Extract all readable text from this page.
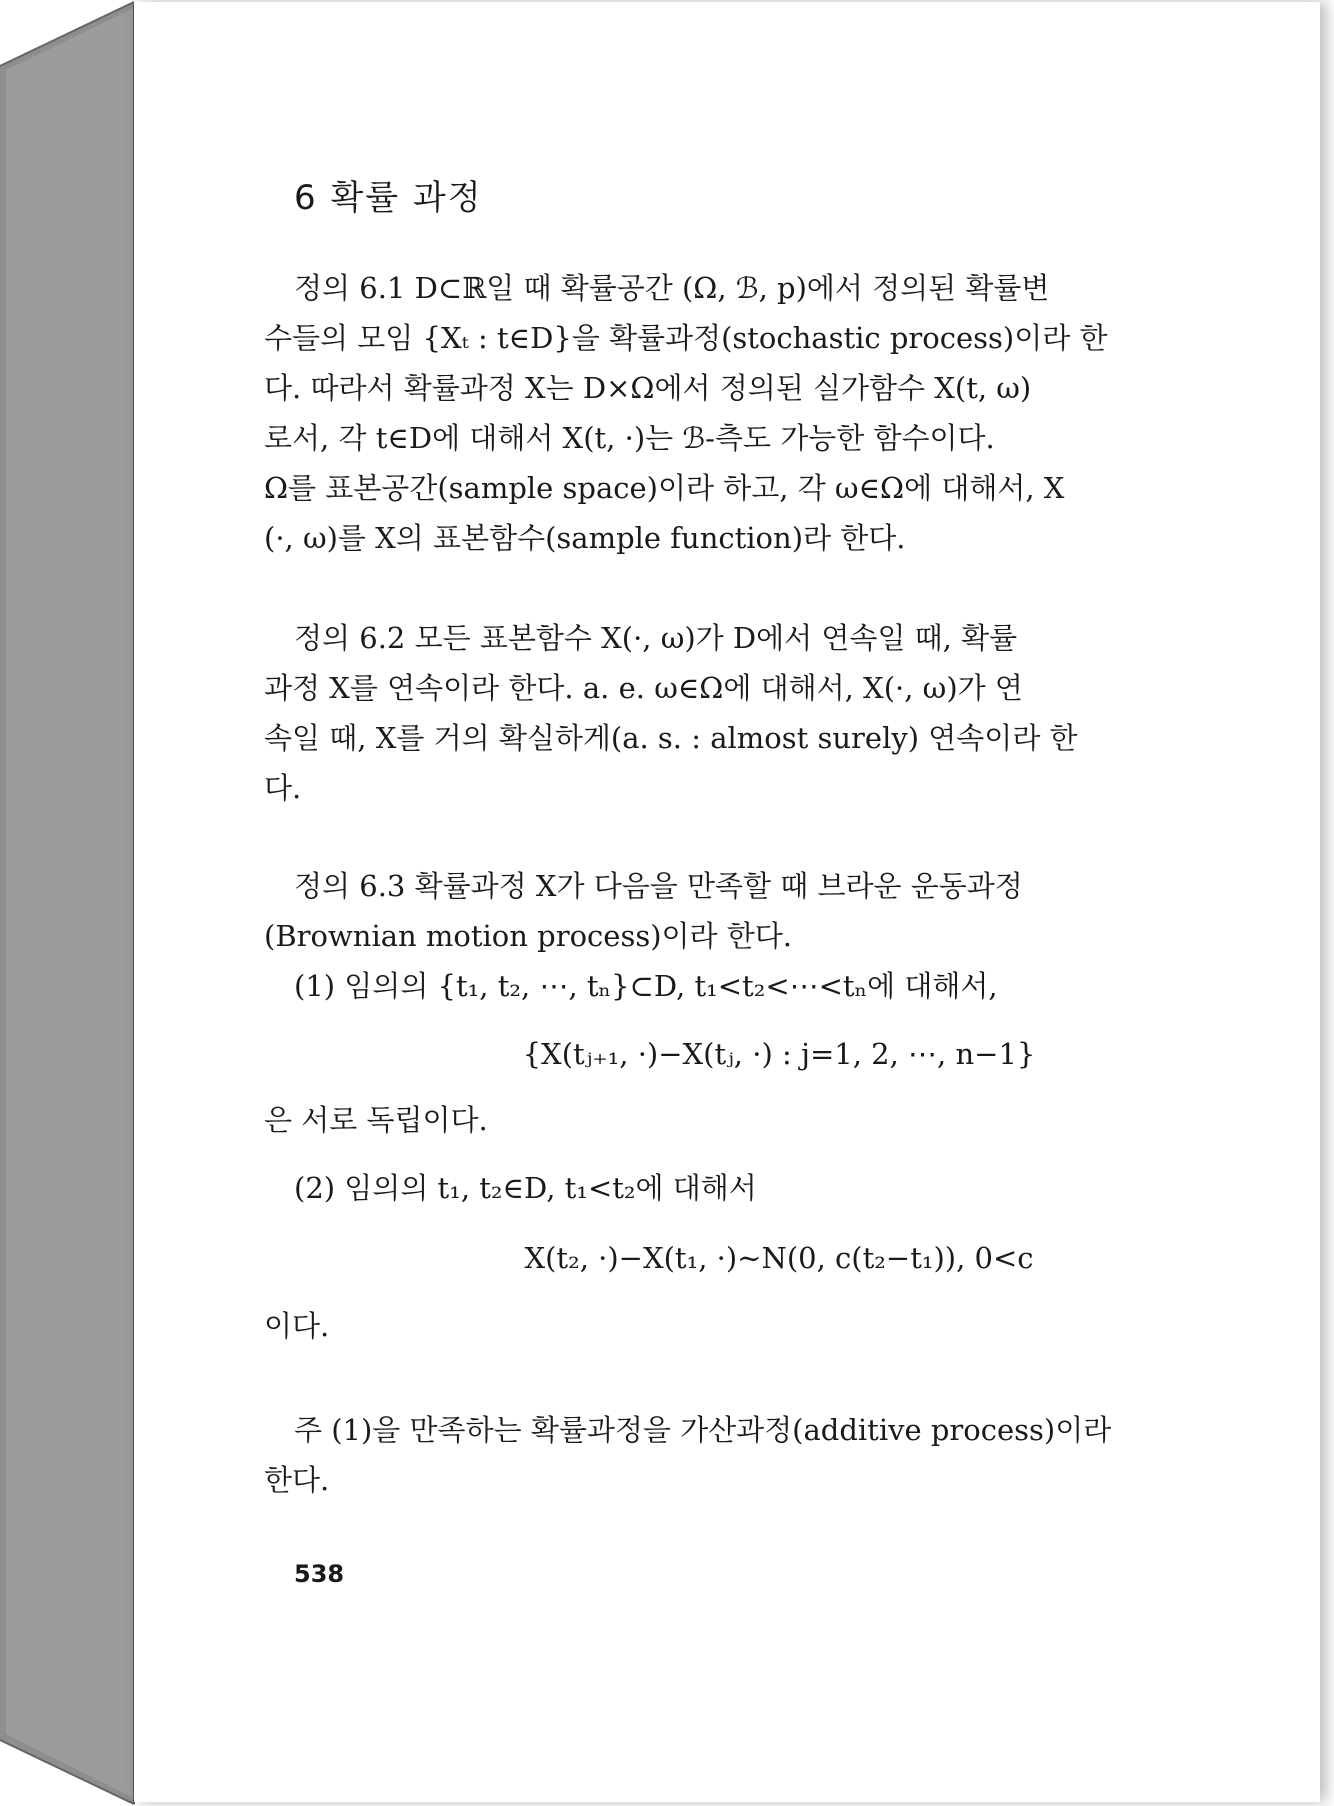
6 확률 과정
정의 6.1 D⊂ℝ일 때 확률공간 (Ω, ℬ, p)에서 정의된 확률변
수들의 모임 {Xₜ : t∈D}을 확률과정(stochastic process)이라 한
다. 따라서 확률과정 X는 D×Ω에서 정의된 실가함수 X(t, ω)
로서, 각 t∈D에 대해서 X(t, ·)는 ℬ-측도 가능한 함수이다.
Ω를 표본공간(sample space)이라 하고, 각 ω∈Ω에 대해서, X
(·, ω)를 X의 표본함수(sample function)라 한다.
정의 6.2 모든 표본함수 X(·, ω)가 D에서 연속일 때, 확률
과정 X를 연속이라 한다. a. e. ω∈Ω에 대해서, X(·, ω)가 연
속일 때, X를 거의 확실하게(a. s. : almost surely) 연속이라 한
다.
정의 6.3 확률과정 X가 다음을 만족할 때 브라운 운동과정
(Brownian motion process)이라 한다.
(1) 임의의 {t₁, t₂, ⋯, tₙ}⊂D, t₁<t₂<⋯<tₙ에 대해서,
{X(tⱼ₊₁, ·)−X(tⱼ, ·) : j=1, 2, ⋯, n−1}
은 서로 독립이다.
(2) 임의의 t₁, t₂∈D, t₁<t₂에 대해서
X(t₂, ·)−X(t₁, ·)∼N(0, c(t₂−t₁)), 0<c
이다.
주 (1)을 만족하는 확률과정을 가산과정(additive process)이라
한다.
538
